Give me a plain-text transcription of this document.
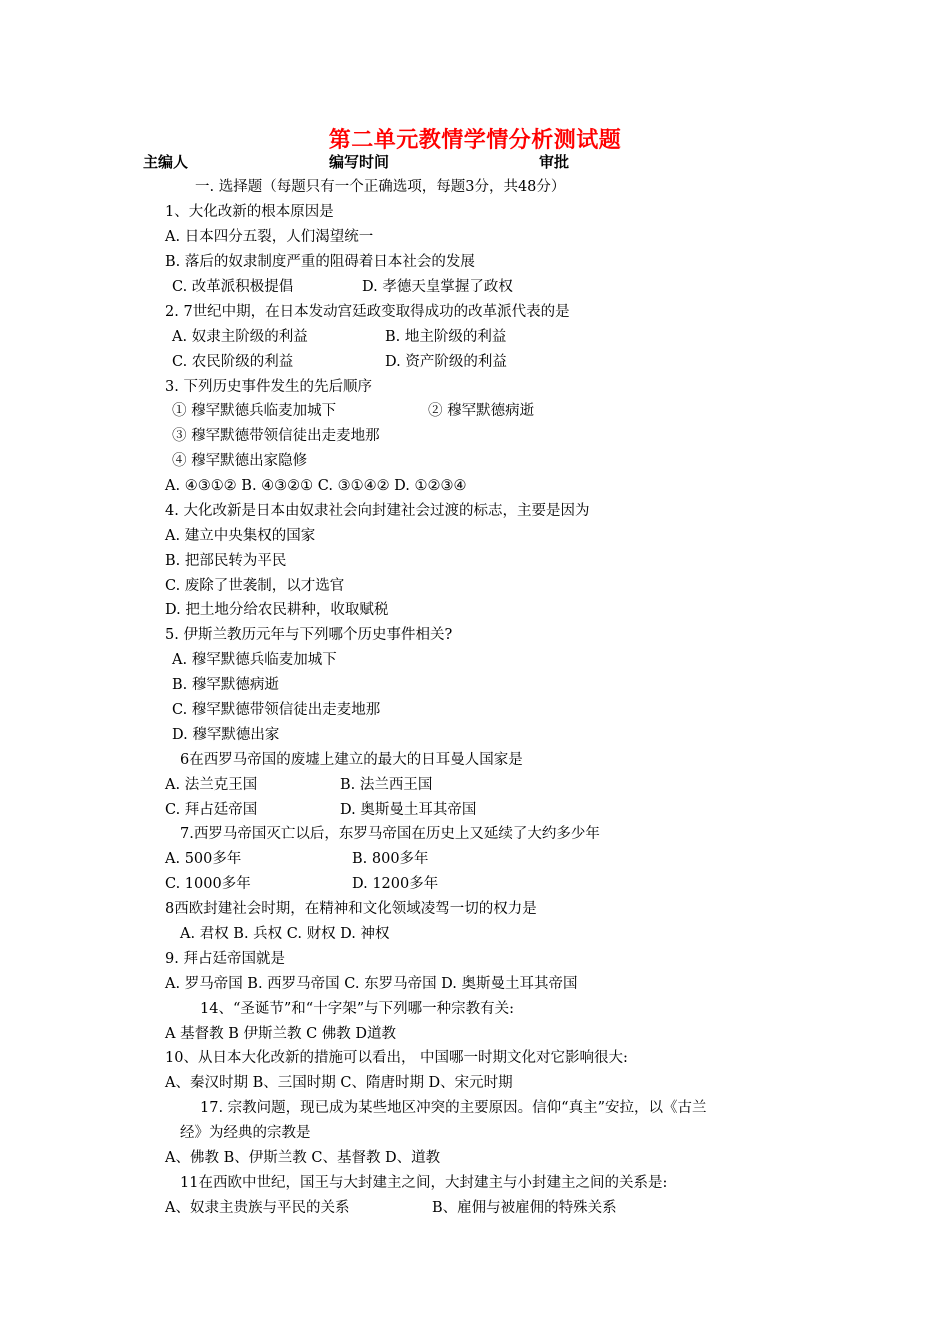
第二单元教情学情分析测试题
主编人	编写时间	审批
一. 选择题（每题只有一个正确选项，每题3分，共48分）
1、大化改新的根本原因是
A. 日本四分五裂，人们渴望统一
B. 落后的奴隶制度严重的阻碍着日本社会的发展
C. 改革派积极提倡	D. 孝德天皇掌握了政权
2. 7世纪中期，在日本发动宫廷政变取得成功的改革派代表的是
A. 奴隶主阶级的利益	B. 地主阶级的利益
C. 农民阶级的利益	D. 资产阶级的利益
3. 下列历史事件发生的先后顺序
① 穆罕默德兵临麦加城下	② 穆罕默德病逝
③ 穆罕默德带领信徒出走麦地那
④ 穆罕默德出家隐修
A. ④③①② B. ④③②① C. ③①④② D. ①②③④
4. 大化改新是日本由奴隶社会向封建社会过渡的标志，主要是因为
A. 建立中央集权的国家
B. 把部民转为平民
C. 废除了世袭制，以才选官
D. 把土地分给农民耕种，收取赋税
5. 伊斯兰教历元年与下列哪个历史事件相关?
A. 穆罕默德兵临麦加城下
B. 穆罕默德病逝
C. 穆罕默德带领信徒出走麦地那
D. 穆罕默德出家
6在西罗马帝国的废墟上建立的最大的日耳曼人国家是
A. 法兰克王国	B. 法兰西王国
C. 拜占廷帝国	D. 奥斯曼土耳其帝国
7.西罗马帝国灭亡以后，东罗马帝国在历史上又延续了大约多少年
A. 500多年	B. 800多年
C. 1000多年	D. 1200多年
8西欧封建社会时期，在精神和文化领域凌驾一切的权力是
A. 君权 B. 兵权 C. 财权 D. 神权
9. 拜占廷帝国就是
A. 罗马帝国 B. 西罗马帝国 C. 东罗马帝国 D. 奥斯曼土耳其帝国
14、“圣诞节”和“十字架”与下列哪一种宗教有关:
A 基督教 B 伊斯兰教 C 佛教 D道教
10、从日本大化改新的措施可以看出， 中国哪一时期文化对它影响很大:
A、秦汉时期 B、三国时期 C、隋唐时期 D、宋元时期
17. 宗教问题，现已成为某些地区冲突的主要原因。信仰“真主”安拉，以《古兰
经》为经典的宗教是
A、佛教 B、伊斯兰教 C、基督教 D、道教
11在西欧中世纪，国王与大封建主之间，大封建主与小封建主之间的关系是:
A、奴隶主贵族与平民的关系	B、雇佣与被雇佣的特殊关系
